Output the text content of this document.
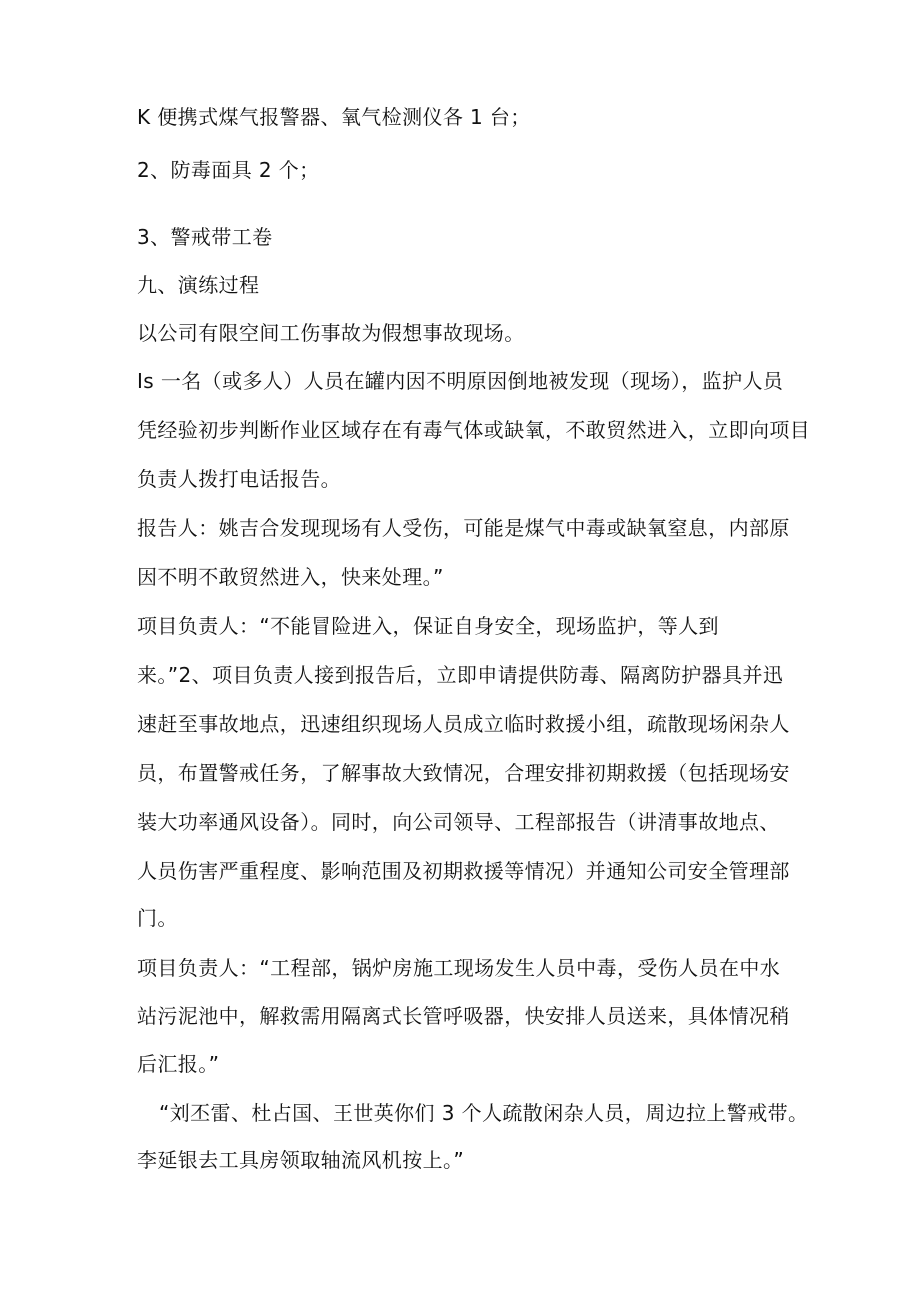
K 便携式煤气报警器、氧气检测仪各 1 台；
2、防毒面具 2 个；
3、警戒带工卷
九、演练过程
以公司有限空间工伤事故为假想事故现场。
Is 一名（或多人）人员在罐内因不明原因倒地被发现（现场），监护人员
凭经验初步判断作业区域存在有毒气体或缺氧，不敢贸然进入，立即向项目
负责人拨打电话报告。
报告人：姚吉合发现现场有人受伤，可能是煤气中毒或缺氧窒息，内部原
因不明不敢贸然进入，快来处理。”
项目负责人：“不能冒险进入，保证自身安全，现场监护，等人到
来。”2、项目负责人接到报告后，立即申请提供防毒、隔离防护器具并迅
速赶至事故地点，迅速组织现场人员成立临时救援小组，疏散现场闲杂人
员，布置警戒任务，了解事故大致情况，合理安排初期救援（包括现场安
装大功率通风设备）。同时，向公司领导、工程部报告（讲清事故地点、
人员伤害严重程度、影响范围及初期救援等情况）并通知公司安全管理部
门。
项目负责人：“工程部，锅炉房施工现场发生人员中毒，受伤人员在中水
站污泥池中，解救需用隔离式长管呼吸器，快安排人员送来，具体情况稍
后汇报。”
“刘丕雷、杜占国、王世英你们 3 个人疏散闲杂人员，周边拉上警戒带。
李延银去工具房领取轴流风机按上。”
